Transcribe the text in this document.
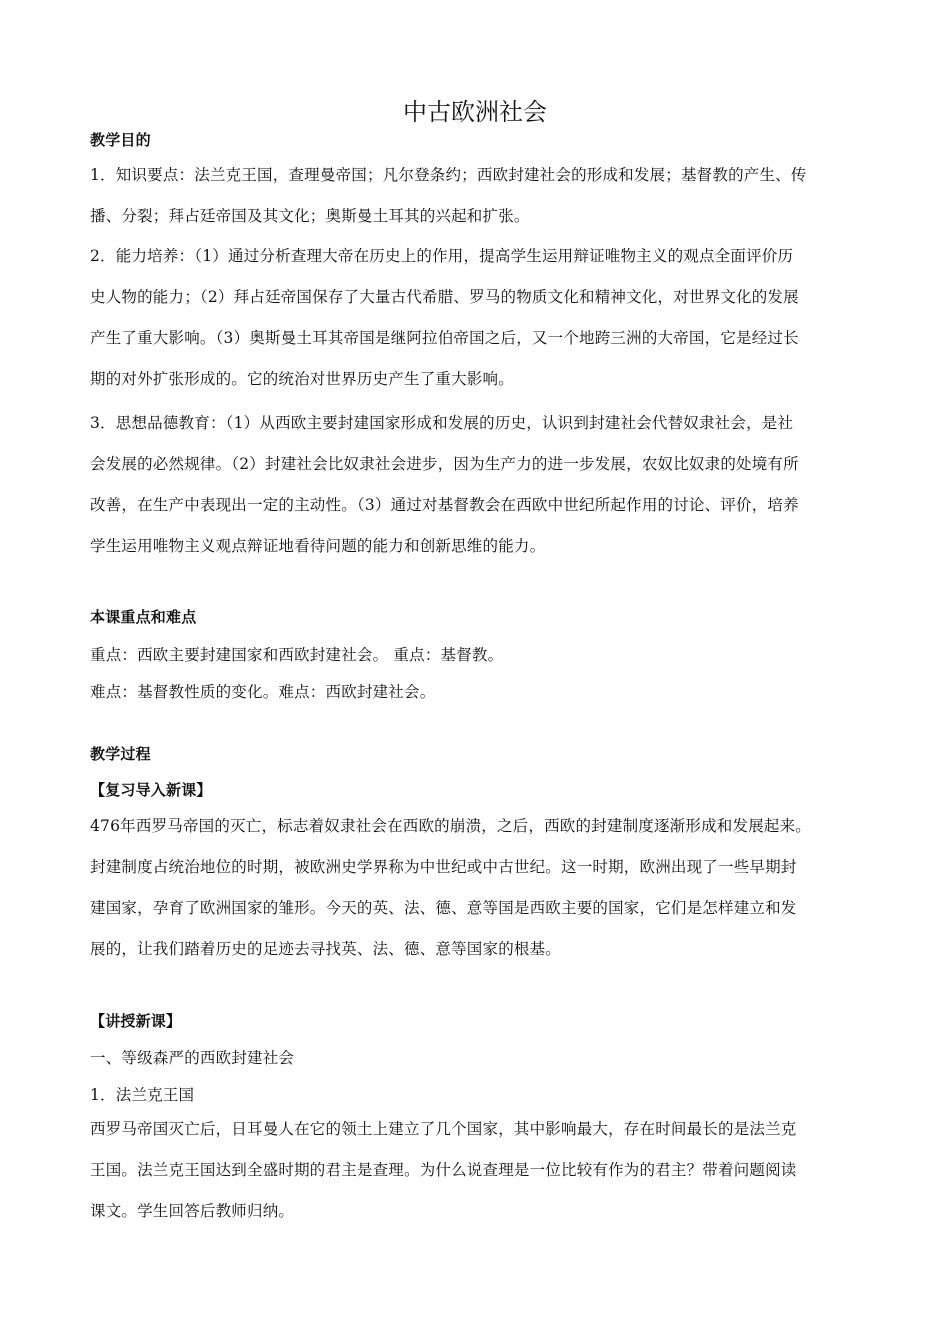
中古欧洲社会
教学目的
1．知识要点：法兰克王国，查理曼帝国；凡尔登条约；西欧封建社会的形成和发展；基督教的产生、传
播、分裂；拜占廷帝国及其文化；奥斯曼土耳其的兴起和扩张。
2．能力培养：（1）通过分析查理大帝在历史上的作用，提高学生运用辩证唯物主义的观点全面评价历
史人物的能力；（2）拜占廷帝国保存了大量古代希腊、罗马的物质文化和精神文化，对世界文化的发展
产生了重大影响。（3）奥斯曼土耳其帝国是继阿拉伯帝国之后，又一个地跨三洲的大帝国，它是经过长
期的对外扩张形成的。它的统治对世界历史产生了重大影响。
3．思想品德教育：（1）从西欧主要封建国家形成和发展的历史，认识到封建社会代替奴隶社会，是社
会发展的必然规律。（2）封建社会比奴隶社会进步，因为生产力的进一步发展，农奴比奴隶的处境有所
改善，在生产中表现出一定的主动性。（3）通过对基督教会在西欧中世纪所起作用的讨论、评价，培养
学生运用唯物主义观点辩证地看待问题的能力和创新思维的能力。
本课重点和难点
重点：西欧主要封建国家和西欧封建社会。 重点：基督教。
难点：基督教性质的变化。难点：西欧封建社会。
教学过程
【复习导入新课】
476年西罗马帝国的灭亡，标志着奴隶社会在西欧的崩溃，之后，西欧的封建制度逐渐形成和发展起来。
封建制度占统治地位的时期，被欧洲史学界称为中世纪或中古世纪。这一时期，欧洲出现了一些早期封
建国家，孕育了欧洲国家的雏形。今天的英、法、德、意等国是西欧主要的国家，它们是怎样建立和发
展的，让我们踏着历史的足迹去寻找英、法、德、意等国家的根基。
【讲授新课】
一、等级森严的西欧封建社会
1．法兰克王国
西罗马帝国灭亡后，日耳曼人在它的领土上建立了几个国家，其中影响最大，存在时间最长的是法兰克
王国。法兰克王国达到全盛时期的君主是查理。为什么说查理是一位比较有作为的君主？带着问题阅读
课文。学生回答后教师归纳。
